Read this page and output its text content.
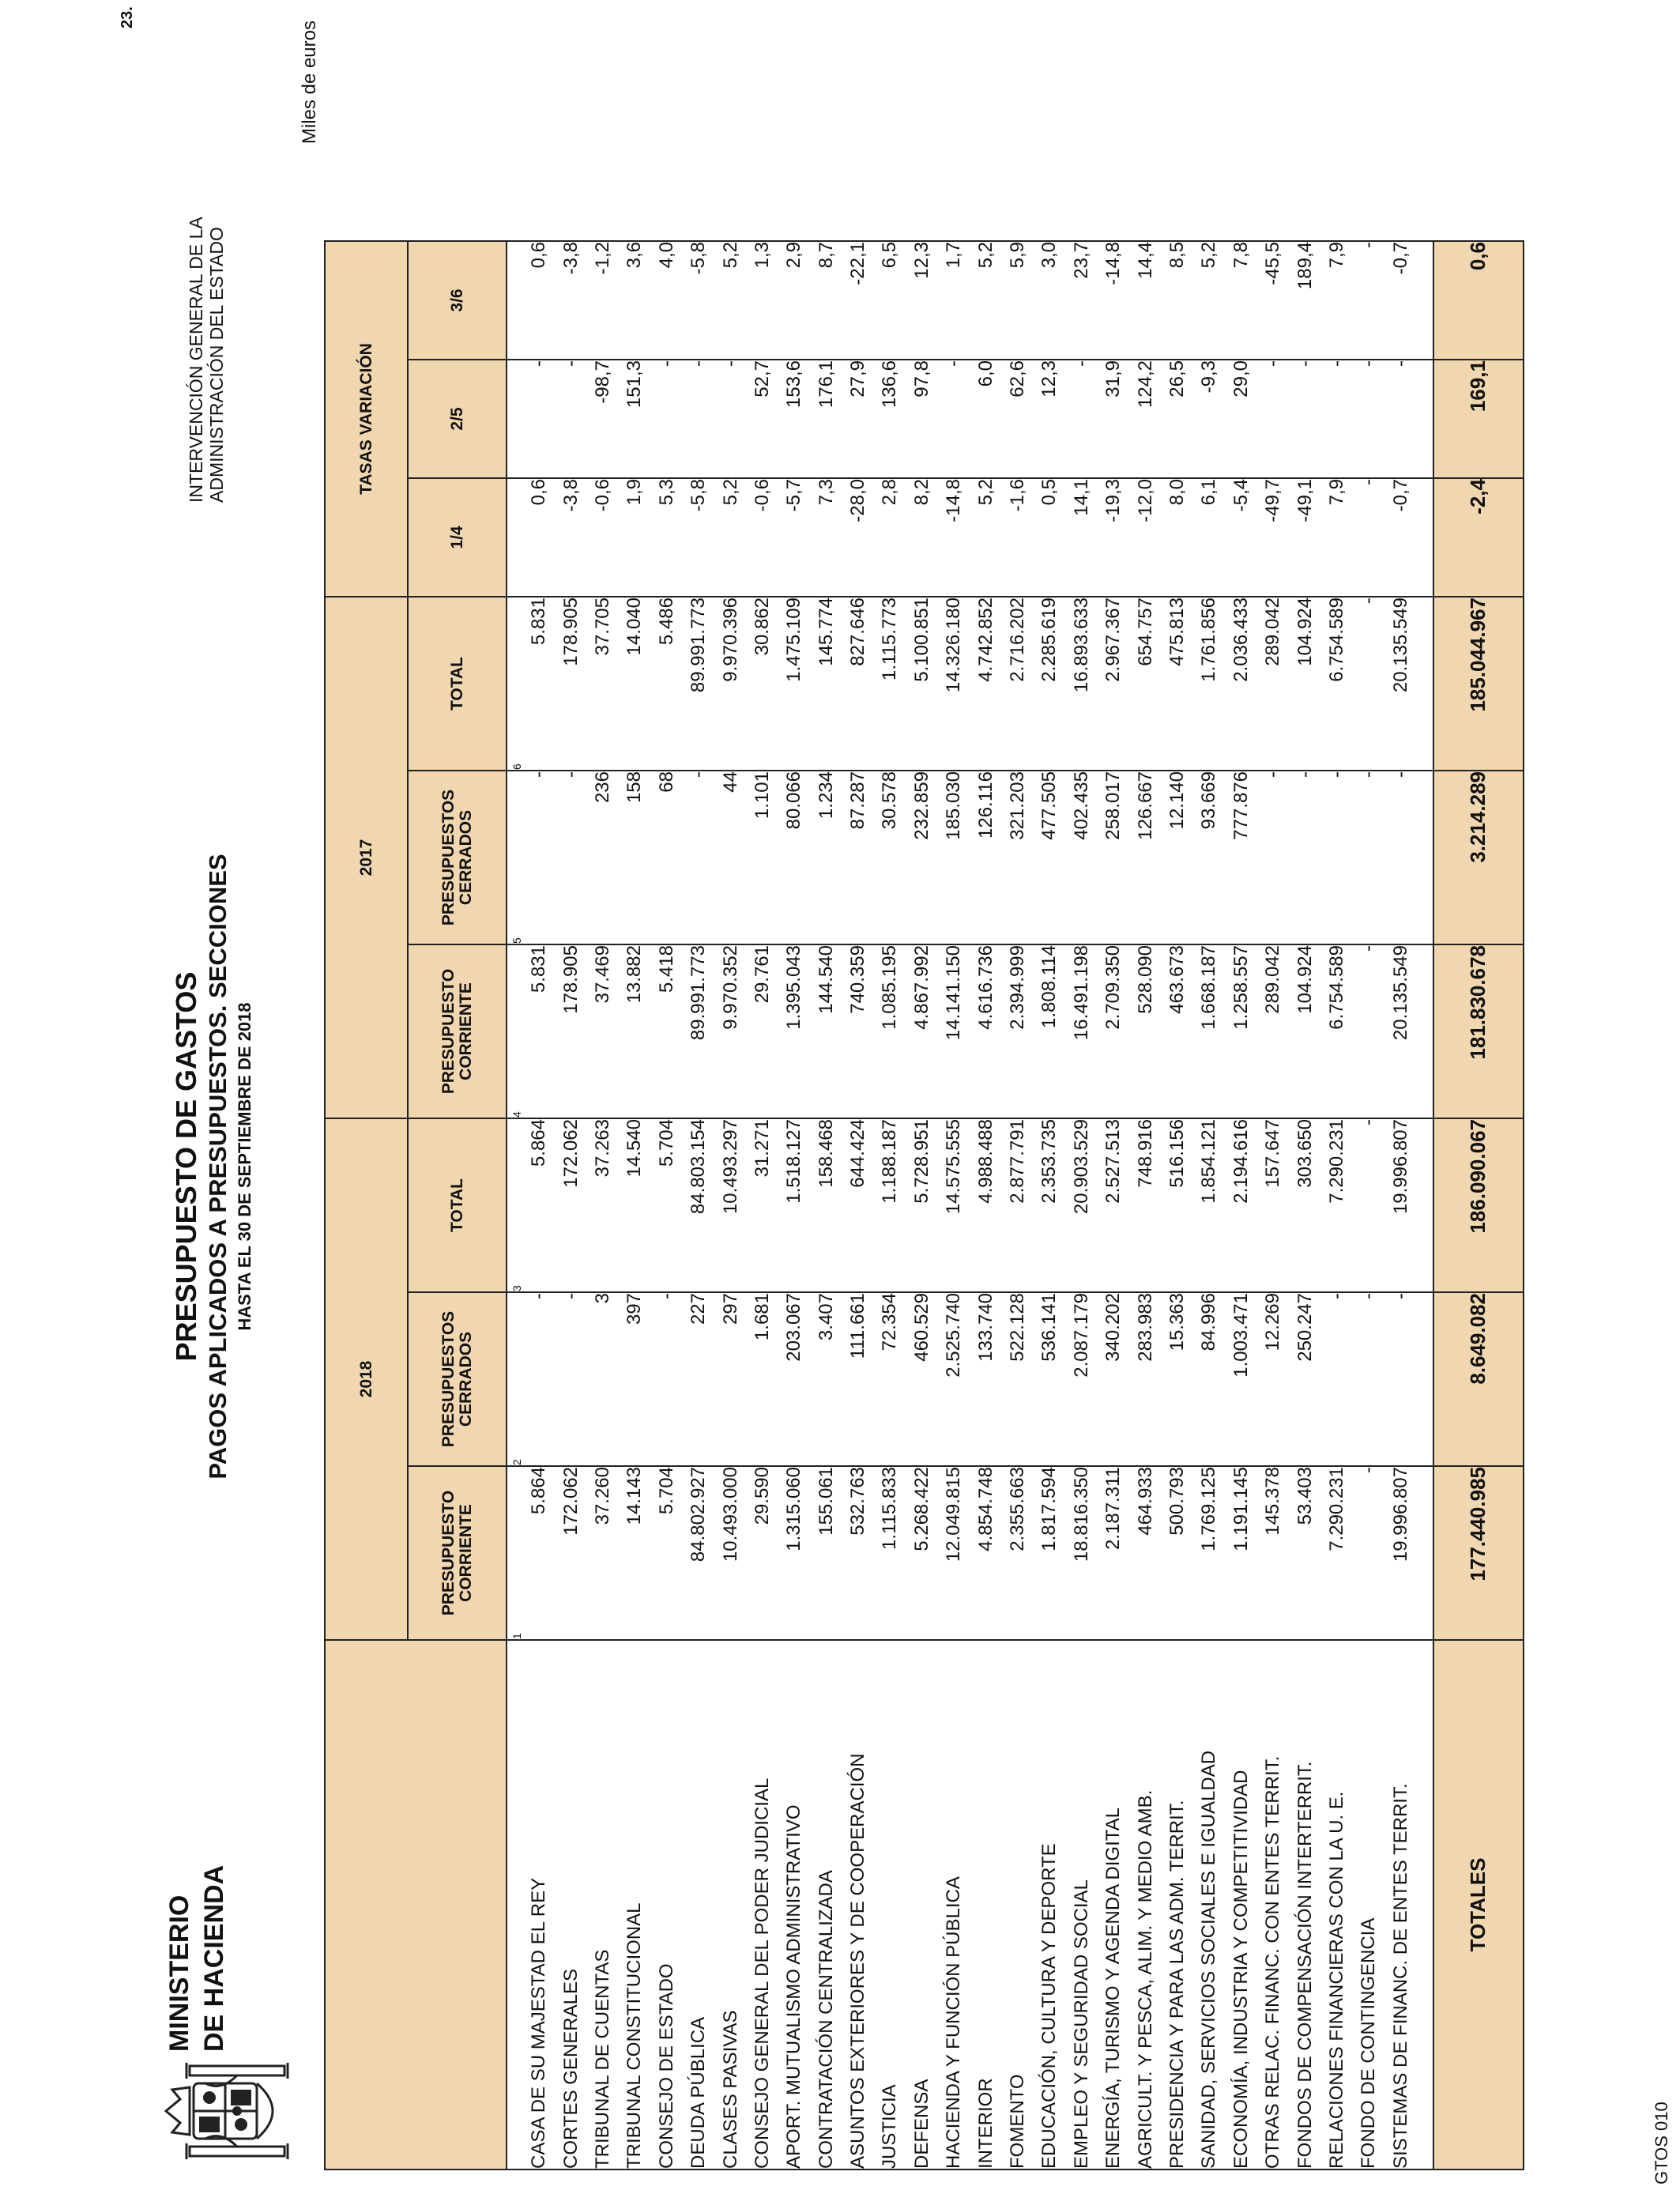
MINISTERIO DE HACIENDA
PRESUPUESTO DE GASTOS PAGOS APLICADOS A PRESUPUESTOS. SECCIONES HASTA EL 30 DE SEPTIEMBRE DE 2018
INTERVENCIÓN GENERAL DE LA ADMINISTRACIÓN DEL ESTADO
23.
Miles de euros
	2018			2017			TASAS VARIACIÓN		
	PRESUPUESTO CORRIENTE	PRESUPUESTOS CERRADOS	TOTAL	PRESUPUESTO CORRIENTE	PRESUPUESTOS CERRADOS	TOTAL	1/4	2/5	3/6
	1	2	3	4	5	6			
CASA DE SU MAJESTAD EL REY	5.864	-	5.864	5.831	-	5.831	0,6	-	0,6
CORTES GENERALES	172.062	-	172.062	178.905	-	178.905	-3,8	-	-3,8
TRIBUNAL DE CUENTAS	37.260	3	37.263	37.469	236	37.705	-0,6	-98,7	-1,2
TRIBUNAL CONSTITUCIONAL	14.143	397	14.540	13.882	158	14.040	1,9	151,3	3,6
CONSEJO DE ESTADO	5.704	-	5.704	5.418	68	5.486	5,3	-	4,0
DEUDA PÚBLICA	84.802.927	227	84.803.154	89.991.773	-	89.991.773	-5,8	-	-5,8
CLASES PASIVAS	10.493.000	297	10.493.297	9.970.352	44	9.970.396	5,2	-	5,2
CONSEJO GENERAL DEL PODER JUDICIAL	29.590	1.681	31.271	29.761	1.101	30.862	-0,6	52,7	1,3
APORT. MUTUALISMO ADMINISTRATIVO	1.315.060	203.067	1.518.127	1.395.043	80.066	1.475.109	-5,7	153,6	2,9
CONTRATACIÓN CENTRALIZADA	155.061	3.407	158.468	144.540	1.234	145.774	7,3	176,1	8,7
ASUNTOS EXTERIORES Y DE COOPERACIÓN	532.763	111.661	644.424	740.359	87.287	827.646	-28,0	27,9	-22,1
JUSTICIA	1.115.833	72.354	1.188.187	1.085.195	30.578	1.115.773	2,8	136,6	6,5
DEFENSA	5.268.422	460.529	5.728.951	4.867.992	232.859	5.100.851	8,2	97,8	12,3
HACIENDA Y FUNCIÓN PÚBLICA	12.049.815	2.525.740	14.575.555	14.141.150	185.030	14.326.180	-14,8	-	1,7
INTERIOR	4.854.748	133.740	4.988.488	4.616.736	126.116	4.742.852	5,2	6,0	5,2
FOMENTO	2.355.663	522.128	2.877.791	2.394.999	321.203	2.716.202	-1,6	62,6	5,9
EDUCACIÓN, CULTURA Y DEPORTE	1.817.594	536.141	2.353.735	1.808.114	477.505	2.285.619	0,5	12,3	3,0
EMPLEO Y SEGURIDAD SOCIAL	18.816.350	2.087.179	20.903.529	16.491.198	402.435	16.893.633	14,1	-	23,7
ENERGÍA, TURISMO Y AGENDA DIGITAL	2.187.311	340.202	2.527.513	2.709.350	258.017	2.967.367	-19,3	31,9	-14,8
AGRICULT. Y PESCA, ALIM. Y MEDIO AMB.	464.933	283.983	748.916	528.090	126.667	654.757	-12,0	124,2	14,4
PRESIDENCIA Y PARA LAS ADM. TERRIT.	500.793	15.363	516.156	463.673	12.140	475.813	8,0	26,5	8,5
SANIDAD, SERVICIOS SOCIALES E IGUALDAD	1.769.125	84.996	1.854.121	1.668.187	93.669	1.761.856	6,1	-9,3	5,2
ECONOMÍA, INDUSTRIA Y COMPETITIVIDAD	1.191.145	1.003.471	2.194.616	1.258.557	777.876	2.036.433	-5,4	29,0	7,8
OTRAS RELAC. FINANC. CON ENTES TERRIT.	145.378	12.269	157.647	289.042	-	289.042	-49,7	-	-45,5
FONDOS DE COMPENSACIÓN INTERTERRIT.	53.403	250.247	303.650	104.924	-	104.924	-49,1	-	189,4
RELACIONES FINANCIERAS CON LA U. E.	7.290.231	-	7.290.231	6.754.589	-	6.754.589	7,9	-	7,9
FONDO DE CONTINGENCIA	-	-	-	-	-	-	-	-	-
SISTEMAS DE FINANC. DE ENTES TERRIT.	19.996.807	-	19.996.807	20.135.549	-	20.135.549	-0,7	-	-0,7

TOTALES	177.440.985	8.649.082	186.090.067	181.830.678	3.214.289	185.044.967	-2,4	169,1	0,6
GTOS 010
